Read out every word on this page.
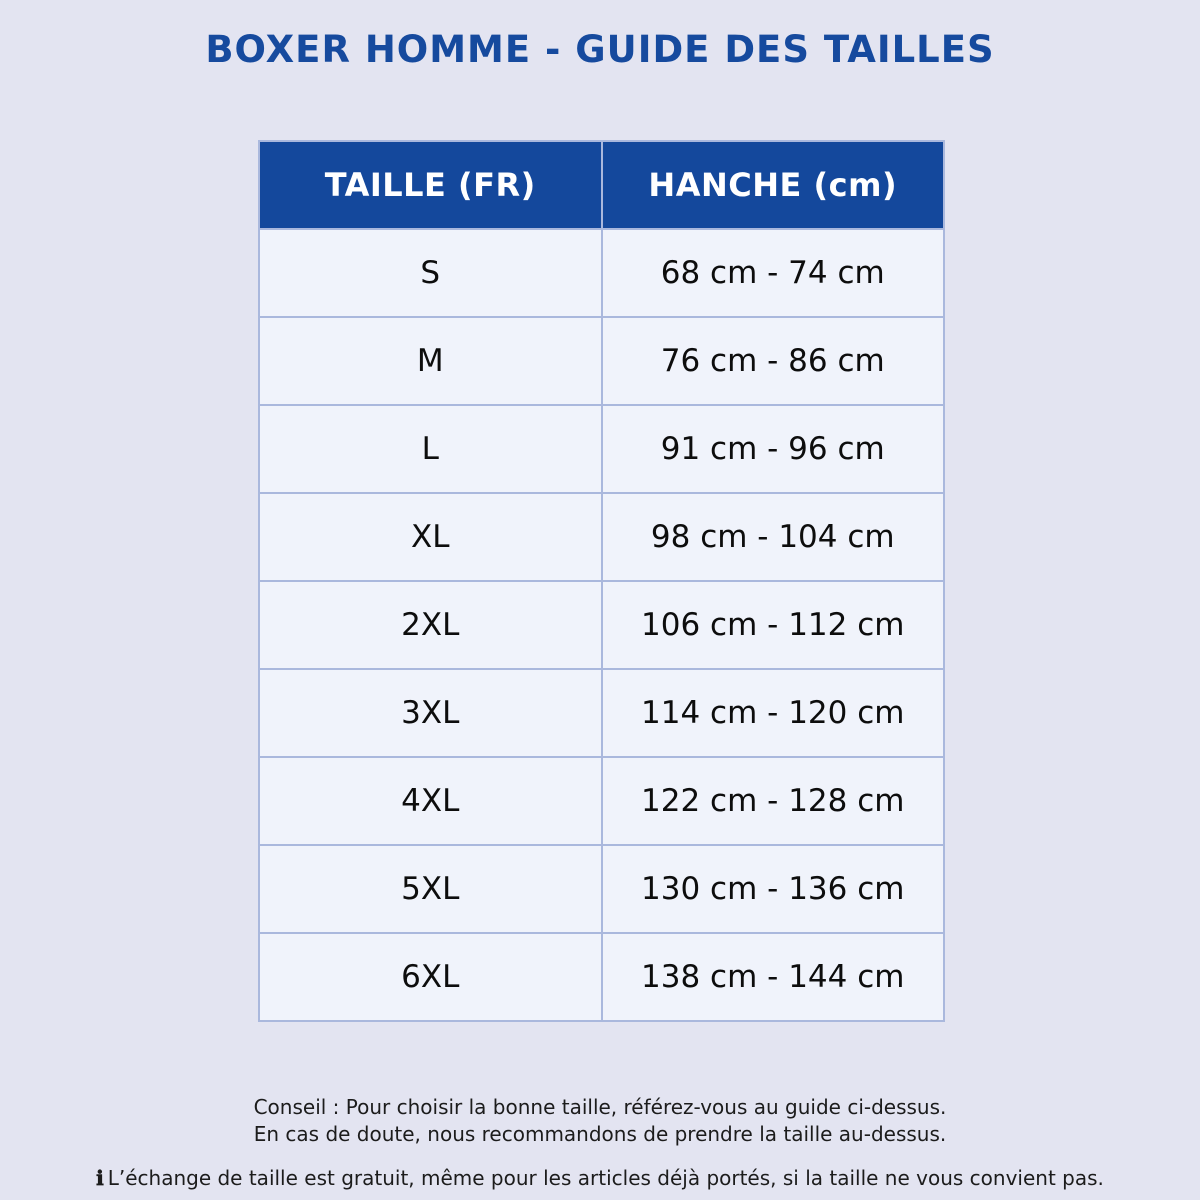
BOXER HOMME - GUIDE DES TAILLES
TAILLE (FR)	HANCHE (cm)
S	68 cm - 74 cm
M	76 cm - 86 cm
L	91 cm - 96 cm
XL	98 cm - 104 cm
2XL	106 cm - 112 cm
3XL	114 cm - 120 cm
4XL	122 cm - 128 cm
5XL	130 cm - 136 cm
6XL	138 cm - 144 cm
Conseil : Pour choisir la bonne taille, référez-vous au guide ci-dessus.
En cas de doute, nous recommandons de prendre la taille au-dessus.
ℹ L’échange de taille est gratuit, même pour les articles déjà portés, si la taille ne vous convient pas.
